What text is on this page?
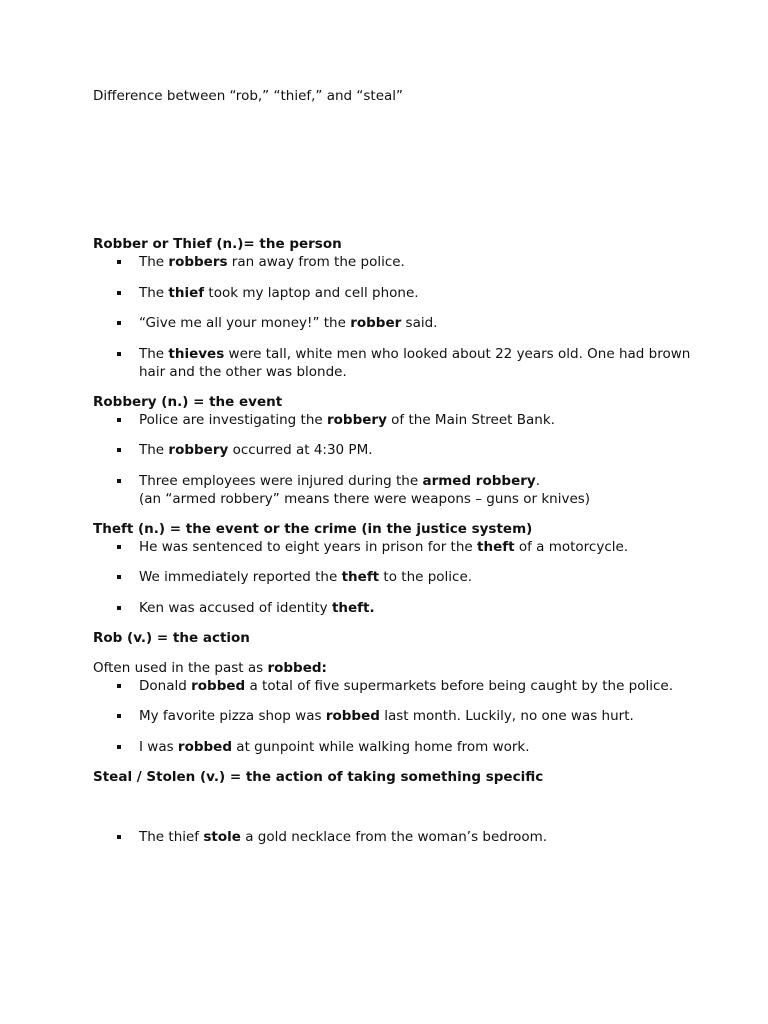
Difference between “rob,” “thief,” and “steal”

Robber or Thief (n.)= the person

The robbers ran away from the police.
The thief took my laptop and cell phone.
“Give me all your money!” the robber said.
The thieves were tall, white men who looked about 22 years old. One had brown hair and the other was blonde.

Robbery (n.) = the event

Police are investigating the robbery of the Main Street Bank.
The robbery occurred at 4:30 PM.
Three employees were injured during the armed robbery.
(an “armed robbery” means there were weapons – guns or knives)

Theft (n.) = the event or the crime (in the justice system)

He was sentenced to eight years in prison for the theft of a motorcycle.
We immediately reported the theft to the police.
Ken was accused of identity theft.

Rob (v.) = the action

Often used in the past as robbed:

Donald robbed a total of five supermarkets before being caught by the police.
My favorite pizza shop was robbed last month. Luckily, no one was hurt.
I was robbed at gunpoint while walking home from work.

Steal / Stolen (v.) = the action of taking something specific

The thief stole a gold necklace from the woman’s bedroom.
